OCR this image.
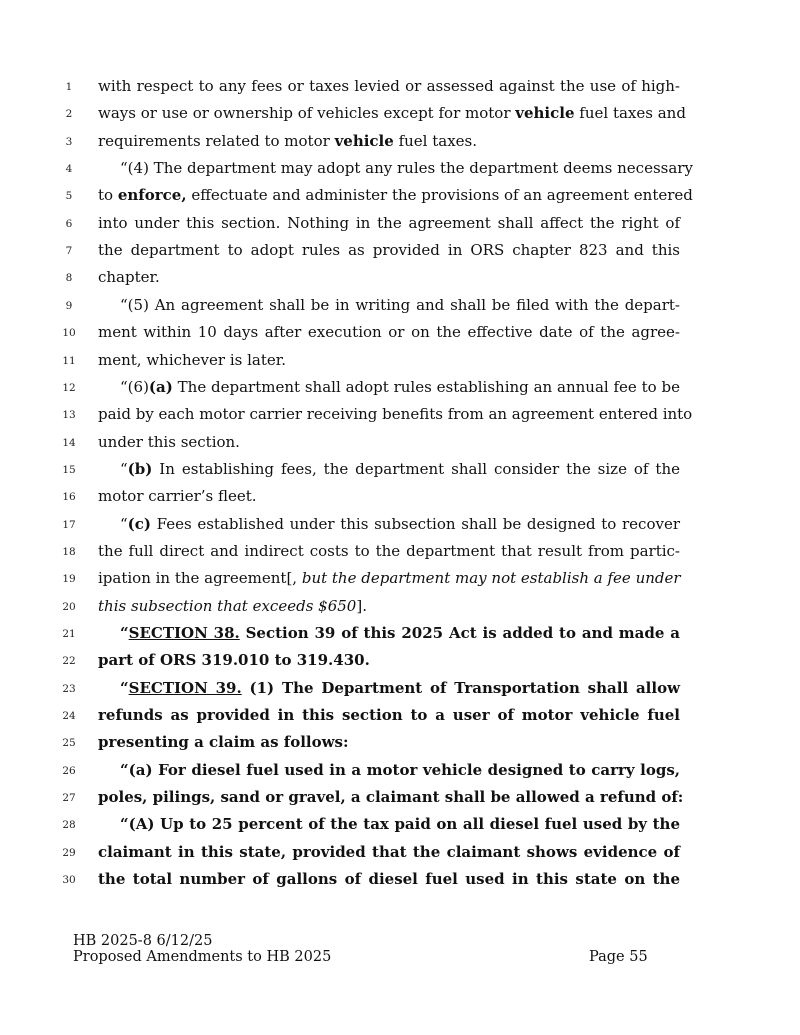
1	with respect to any fees or taxes levied or assessed against the use of high-
2	ways or use or ownership of vehicles except for motor vehicle fuel taxes and
3	requirements related to motor vehicle fuel taxes.
4	“(4) The department may adopt any rules the department deems necessary
5	to enforce, effectuate and administer the provisions of an agreement entered
6	into under this section. Nothing in the agreement shall affect the right of
7	the department to adopt rules as provided in ORS chapter 823 and this
8	chapter.
9	“(5) An agreement shall be in writing and shall be filed with the depart-
10 ment within 10 days after execution or on the effective date of the agree-
11 ment, whichever is later.
12	“(6)(a) The department shall adopt rules establishing an annual fee to be
13 paid by each motor carrier receiving benefits from an agreement entered into
14 under this section.
15	“(b) In establishing fees, the department shall consider the size of the
16 motor carrier’s fleet.
17	“(c) Fees established under this subsection shall be designed to recover
18 the full direct and indirect costs to the department that result from partic-
19 ipation in the agreement[, but the department may not establish a fee under
20 this subsection that exceeds $650].
21	“SECTION 38. Section 39 of this 2025 Act is added to and made a
22 part of ORS 319.010 to 319.430.
23	“SECTION 39. (1) The Department of Transportation shall allow
24 refunds as provided in this section to a user of motor vehicle fuel
25 presenting a claim as follows:
26	“(a) For diesel fuel used in a motor vehicle designed to carry logs,
27 poles, pilings, sand or gravel, a claimant shall be allowed a refund of:
28	“(A) Up to 25 percent of the tax paid on all diesel fuel used by the
29 claimant in this state, provided that the claimant shows evidence of
30 the total number of gallons of diesel fuel used in this state on the
HB 2025-8 6/12/25
Proposed Amendments to HB 2025	Page 55
